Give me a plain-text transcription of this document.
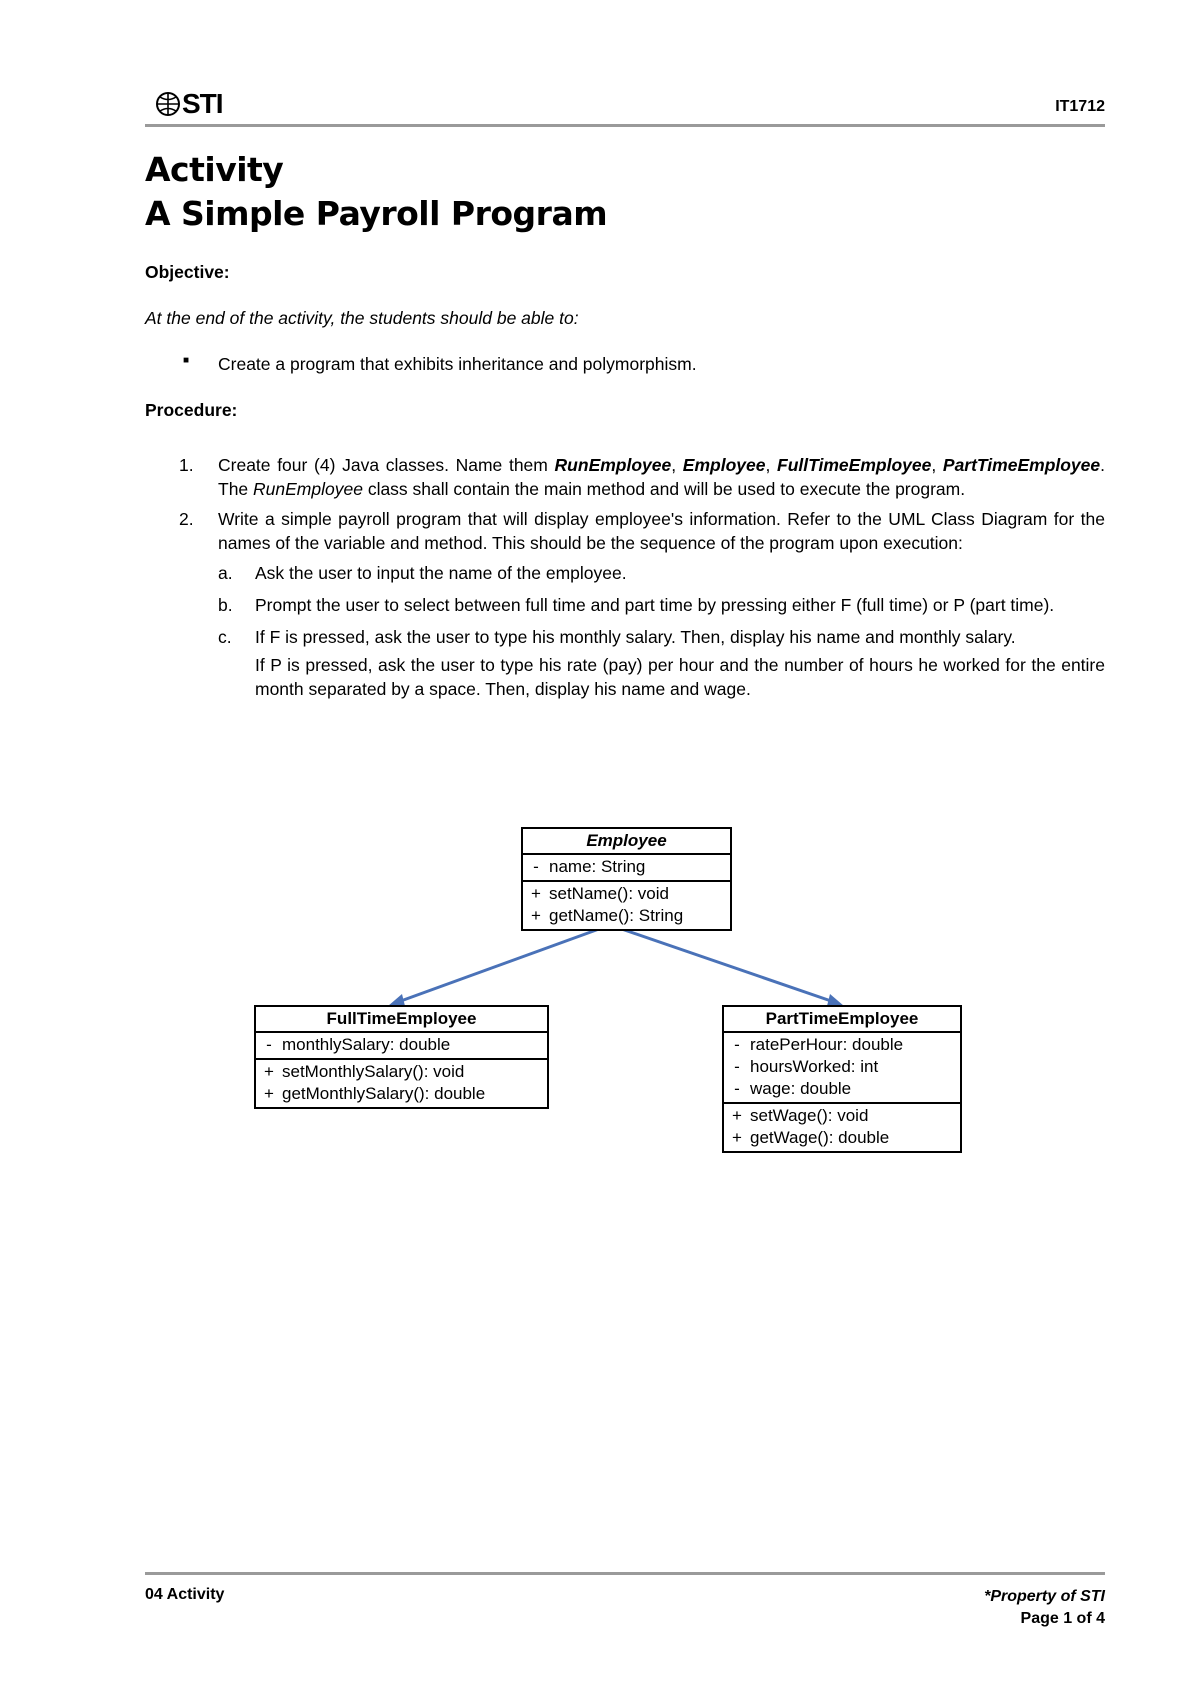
STI	IT1712
Activity
A Simple Payroll Program
Objective:
At the end of the activity, the students should be able to:
■ Create a program that exhibits inheritance and polymorphism.
Procedure:
1. Create four (4) Java classes. Name them RunEmployee, Employee, FullTimeEmployee, PartTimeEmployee. The RunEmployee class shall contain the main method and will be used to execute the program.
2. Write a simple payroll program that will display employee's information. Refer to the UML Class Diagram for the names of the variable and method. This should be the sequence of the program upon execution:
a. Ask the user to input the name of the employee.
b. Prompt the user to select between full time and part time by pressing either F (full time) or P (part time).
c. If F is pressed, ask the user to type his monthly salary. Then, display his name and monthly salary.
If P is pressed, ask the user to type his rate (pay) per hour and the number of hours he worked for the entire month separated by a space. Then, display his name and wage.
Employee
- name: String
+ setName(): void
+ getName(): String
FullTimeEmployee
- monthlySalary: double
+ setMonthlySalary(): void
+ getMonthlySalary(): double
PartTimeEmployee
- ratePerHour: double
- hoursWorked: int
- wage: double
+ setWage(): void
+ getWage(): double
04 Activity	*Property of STI
Page 1 of 4
